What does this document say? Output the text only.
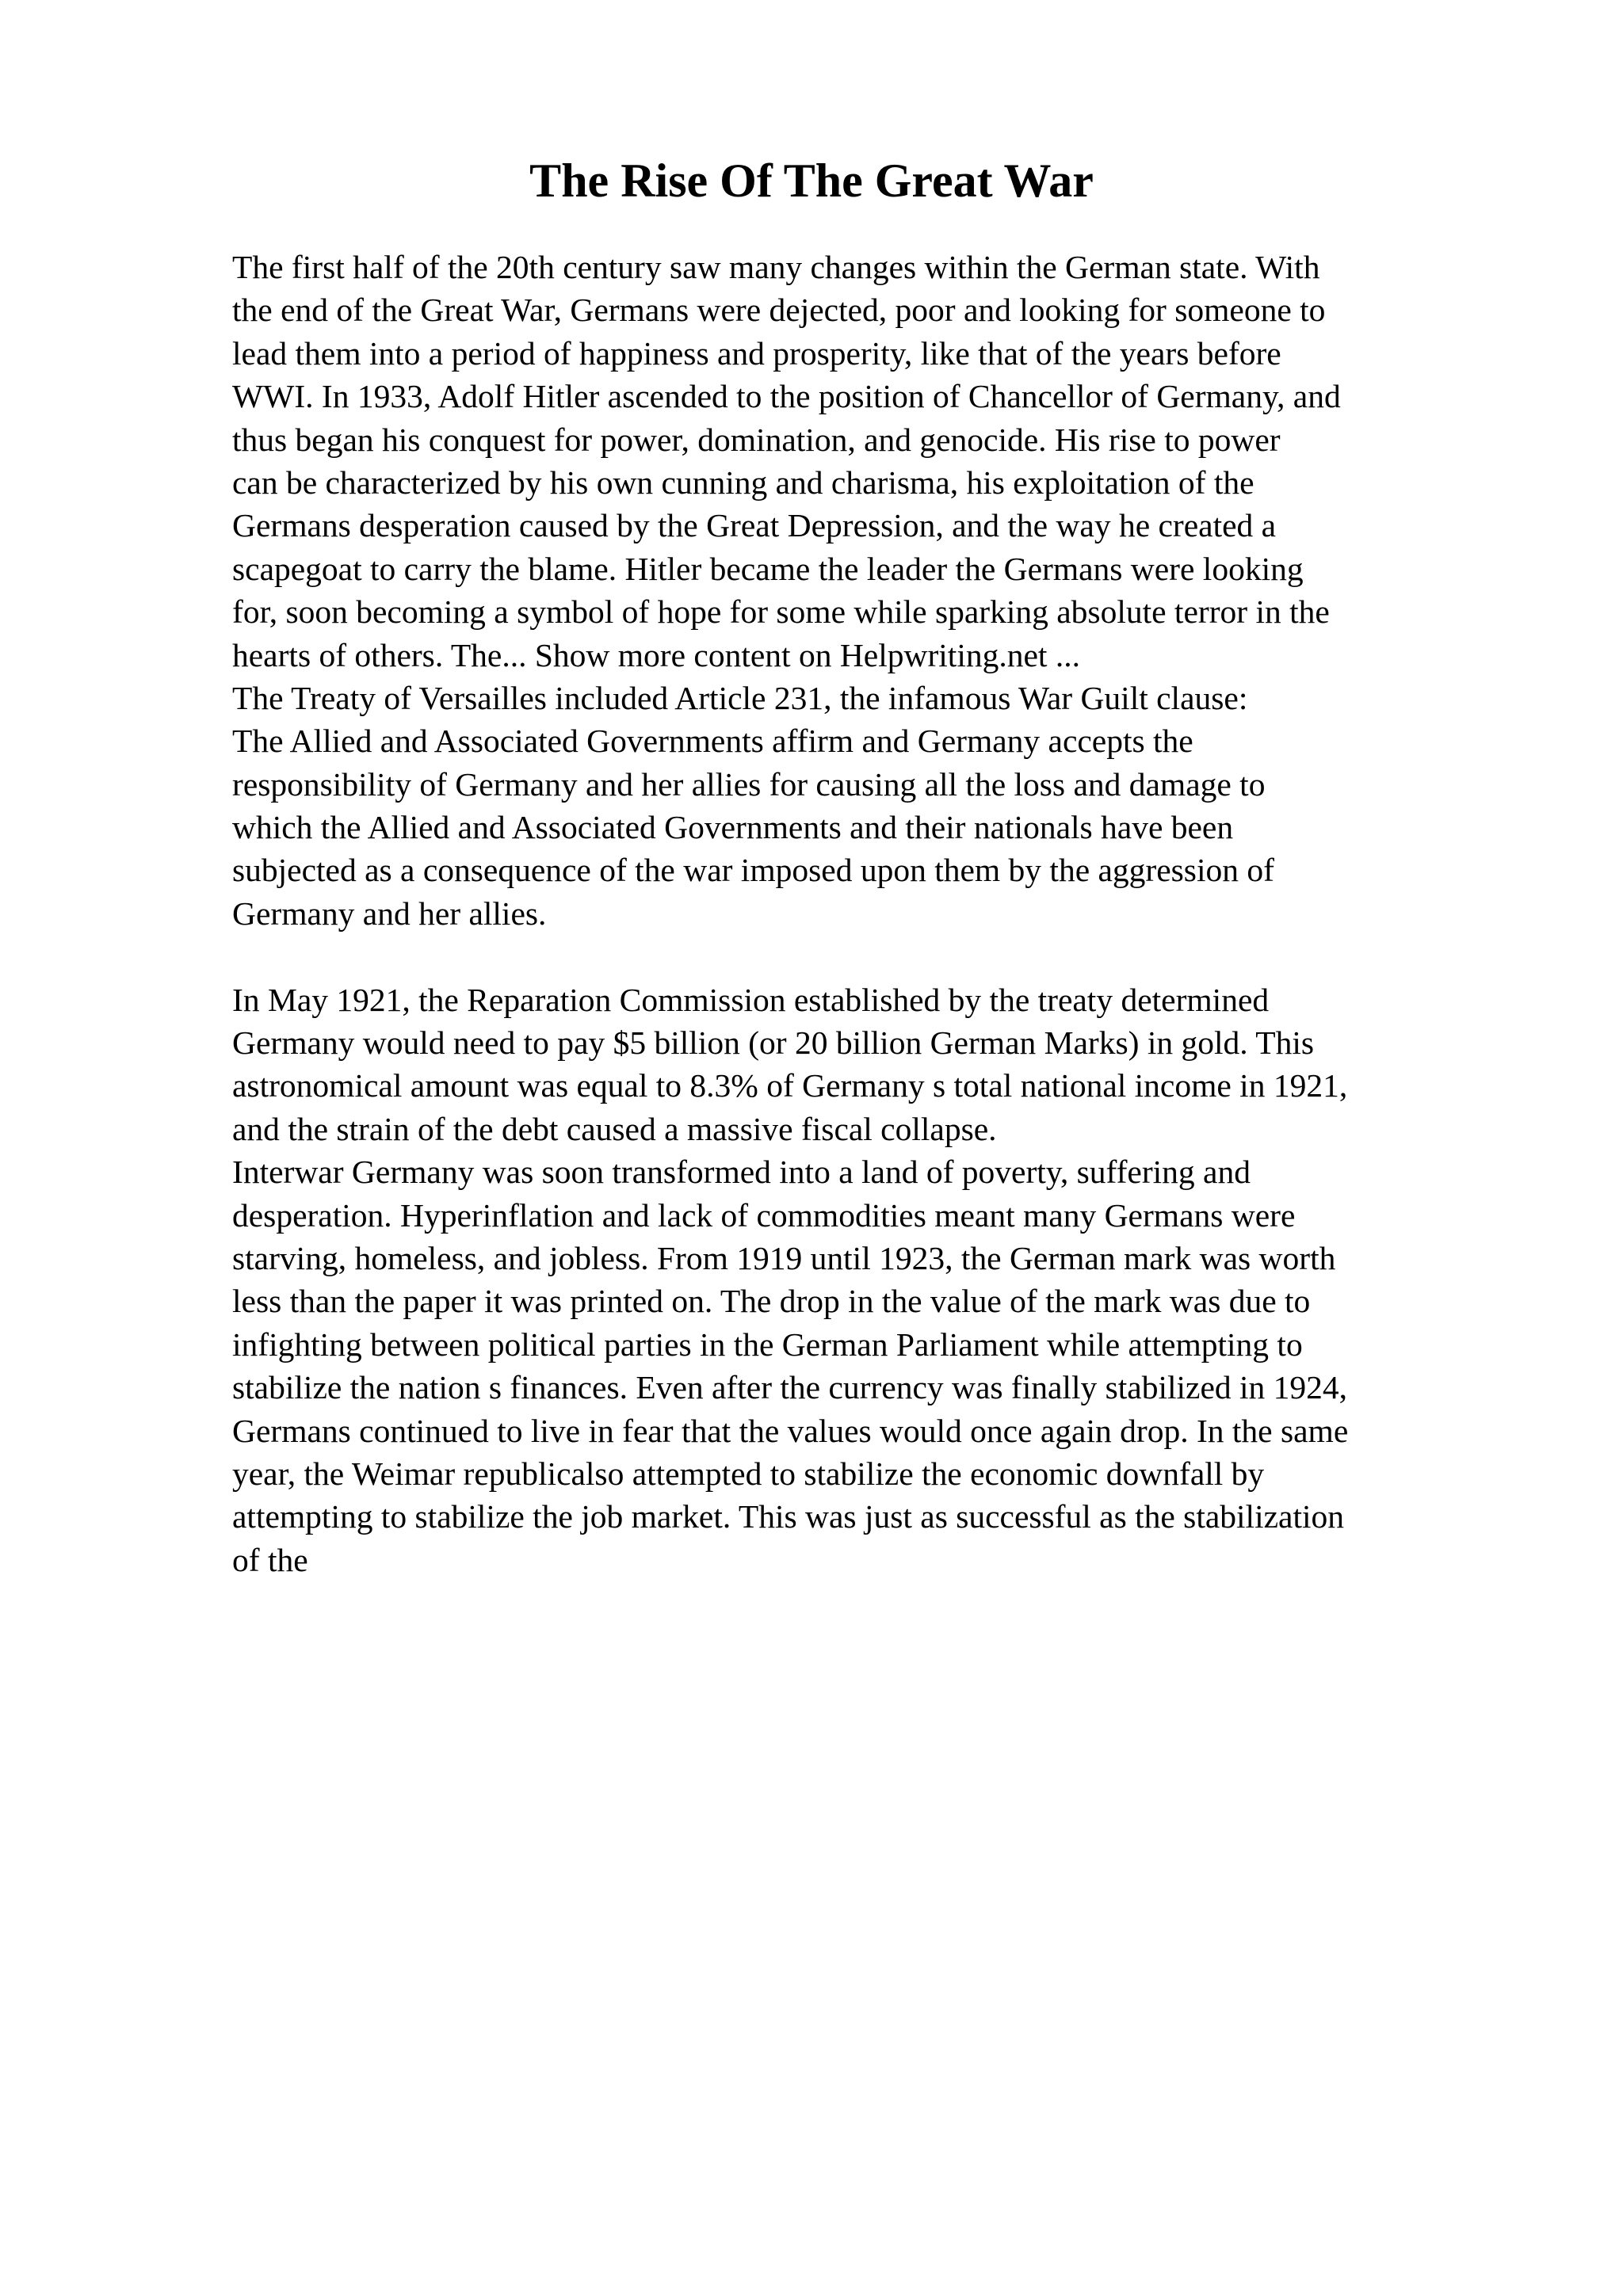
The Rise Of The Great War
The first half of the 20th century saw many changes within the German state. With
the end of the Great War, Germans were dejected, poor and looking for someone to
lead them into a period of happiness and prosperity, like that of the years before
WWI. In 1933, Adolf Hitler ascended to the position of Chancellor of Germany, and
thus began his conquest for power, domination, and genocide. His rise to power
can be characterized by his own cunning and charisma, his exploitation of the
Germans desperation caused by the Great Depression, and the way he created a
scapegoat to carry the blame. Hitler became the leader the Germans were looking
for, soon becoming a symbol of hope for some while sparking absolute terror in the
hearts of others. The... Show more content on Helpwriting.net ...
The Treaty of Versailles included Article 231, the infamous War Guilt clause:
The Allied and Associated Governments affirm and Germany accepts the
responsibility of Germany and her allies for causing all the loss and damage to
which the Allied and Associated Governments and their nationals have been
subjected as a consequence of the war imposed upon them by the aggression of
Germany and her allies.
In May 1921, the Reparation Commission established by the treaty determined
Germany would need to pay $5 billion (or 20 billion German Marks) in gold. This
astronomical amount was equal to 8.3% of Germany s total national income in 1921,
and the strain of the debt caused a massive fiscal collapse.
Interwar Germany was soon transformed into a land of poverty, suffering and
desperation. Hyperinflation and lack of commodities meant many Germans were
starving, homeless, and jobless. From 1919 until 1923, the German mark was worth
less than the paper it was printed on. The drop in the value of the mark was due to
infighting between political parties in the German Parliament while attempting to
stabilize the nation s finances. Even after the currency was finally stabilized in 1924,
Germans continued to live in fear that the values would once again drop. In the same
year, the Weimar republicalso attempted to stabilize the economic downfall by
attempting to stabilize the job market. This was just as successful as the stabilization
of the
